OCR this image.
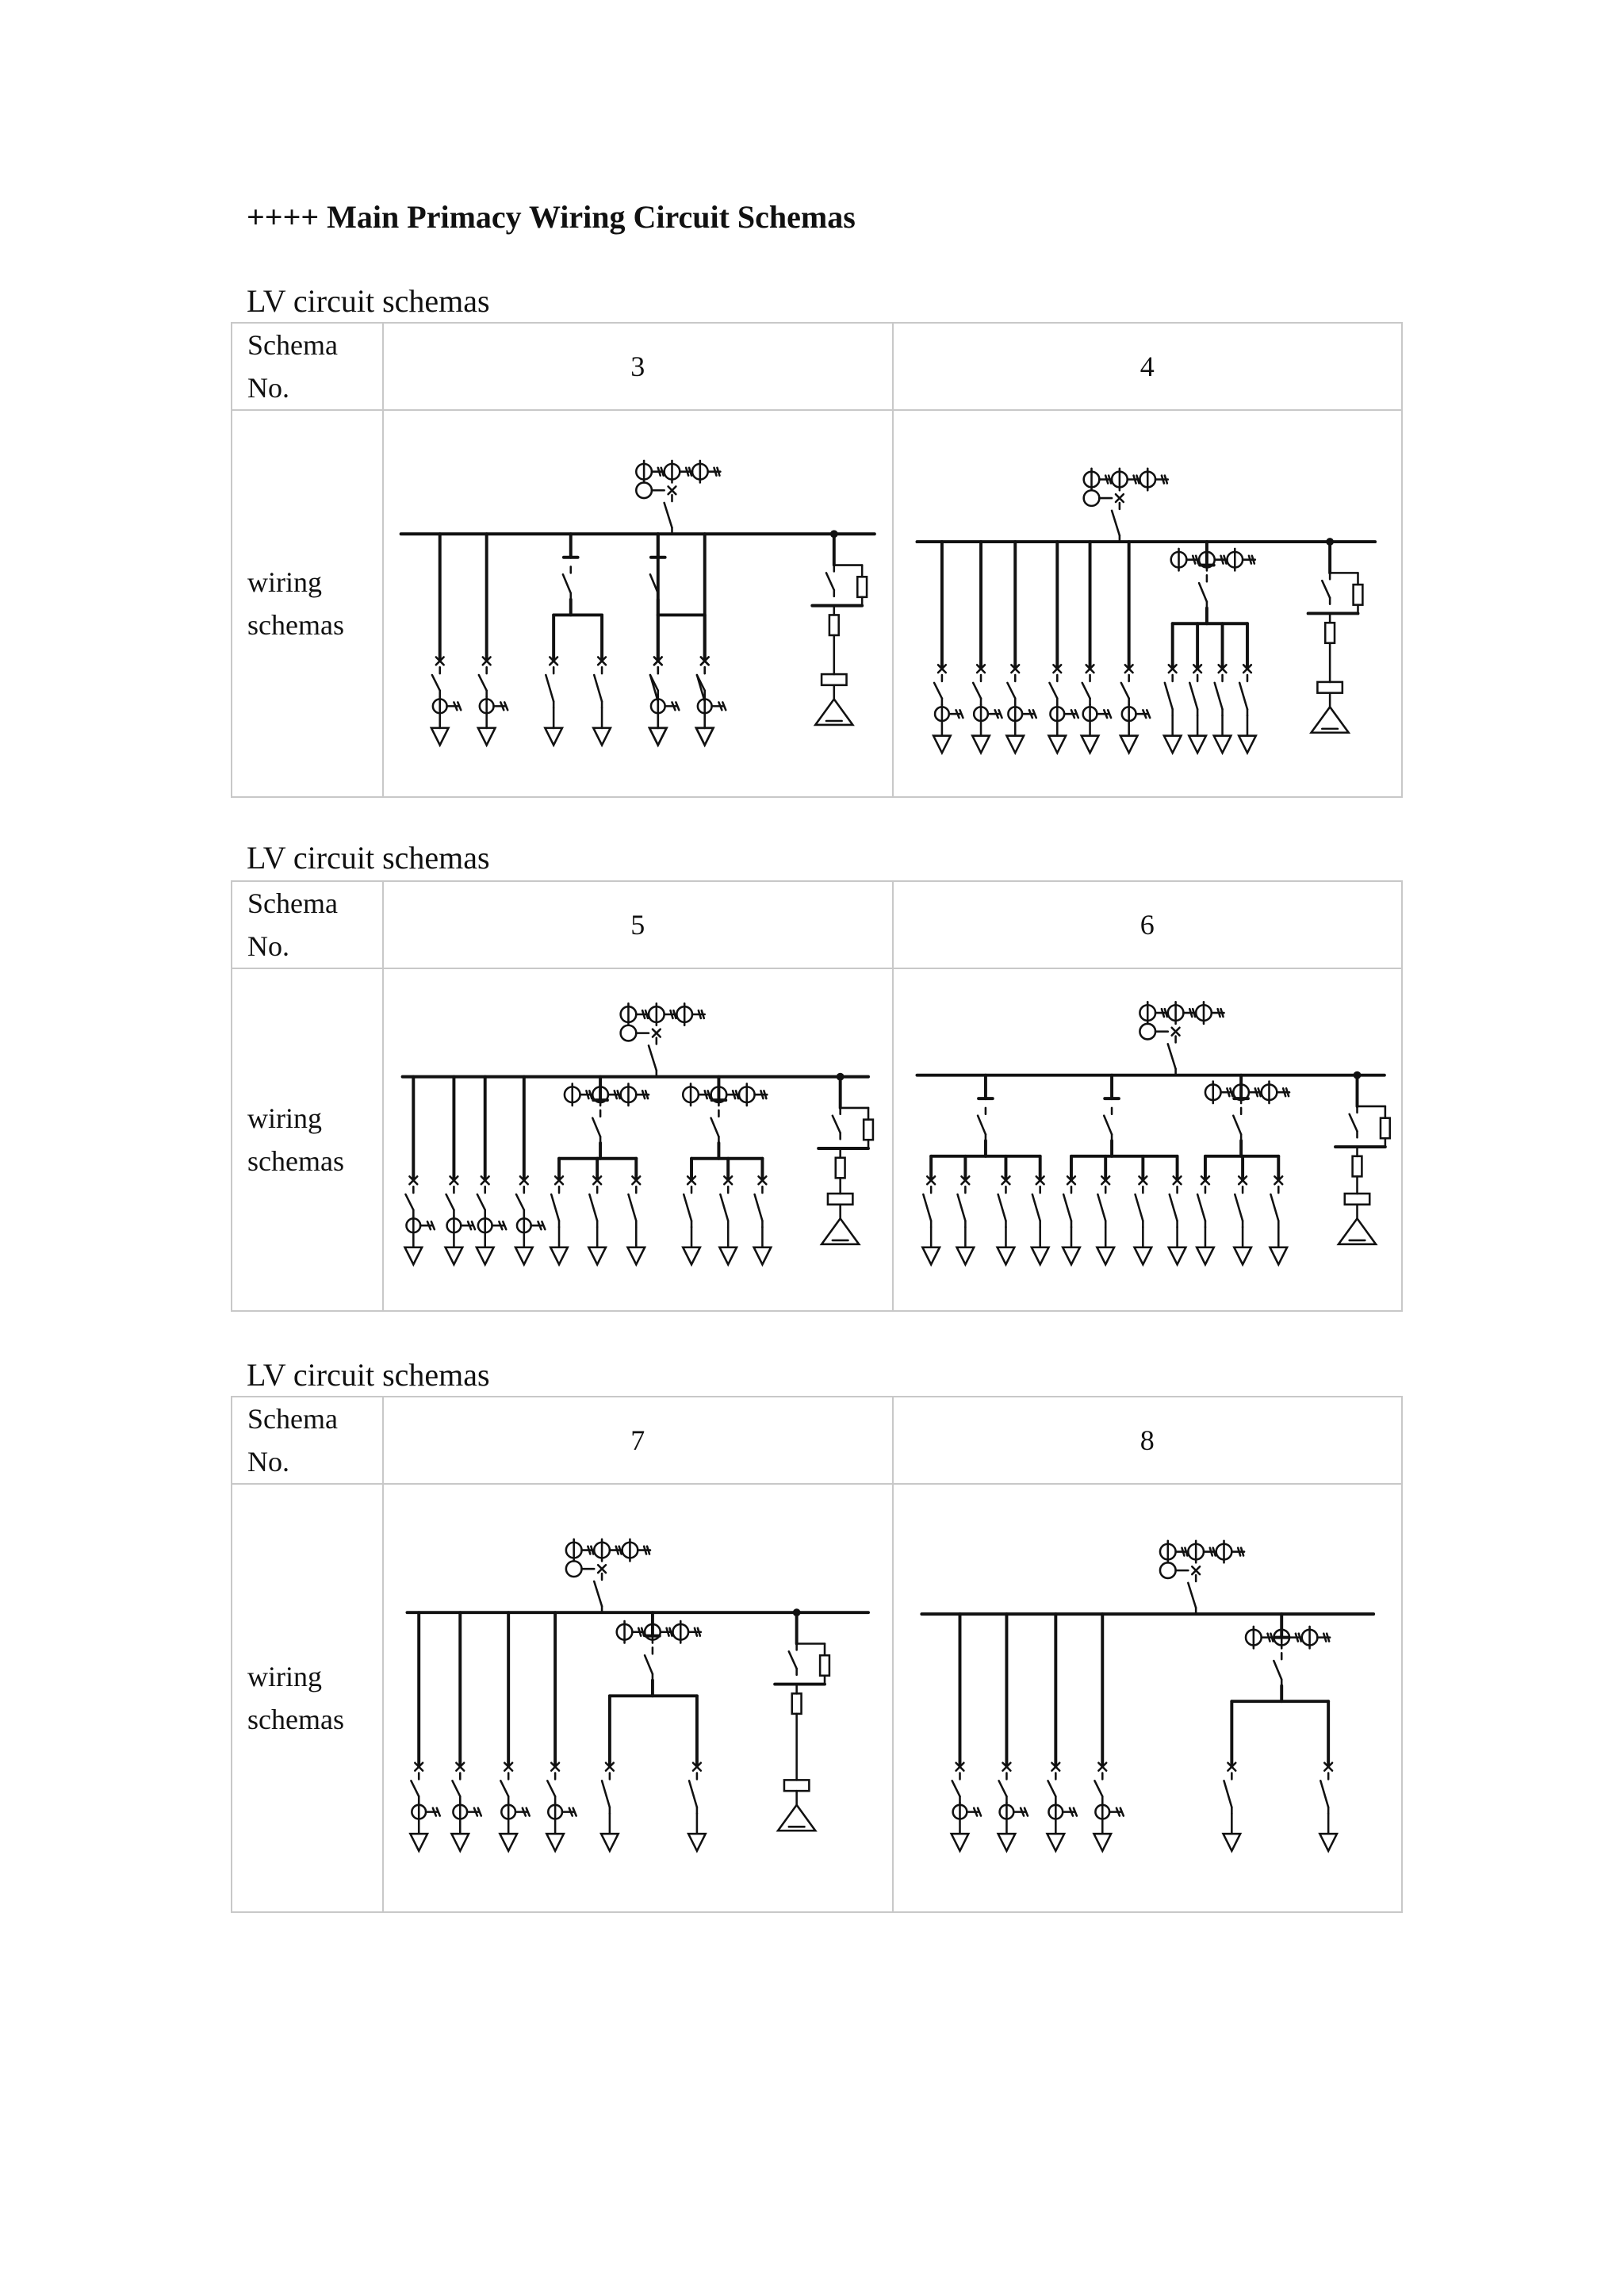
++++ Main Primacy Wiring Circuit Schemas
LV circuit schemas
Schema
No.	3	4

wiring
schemas

LV circuit schemas
Schema
No.	5	6

wiring
schemas

LV circuit schemas
Schema
No.	7	8

wiring
schemas
